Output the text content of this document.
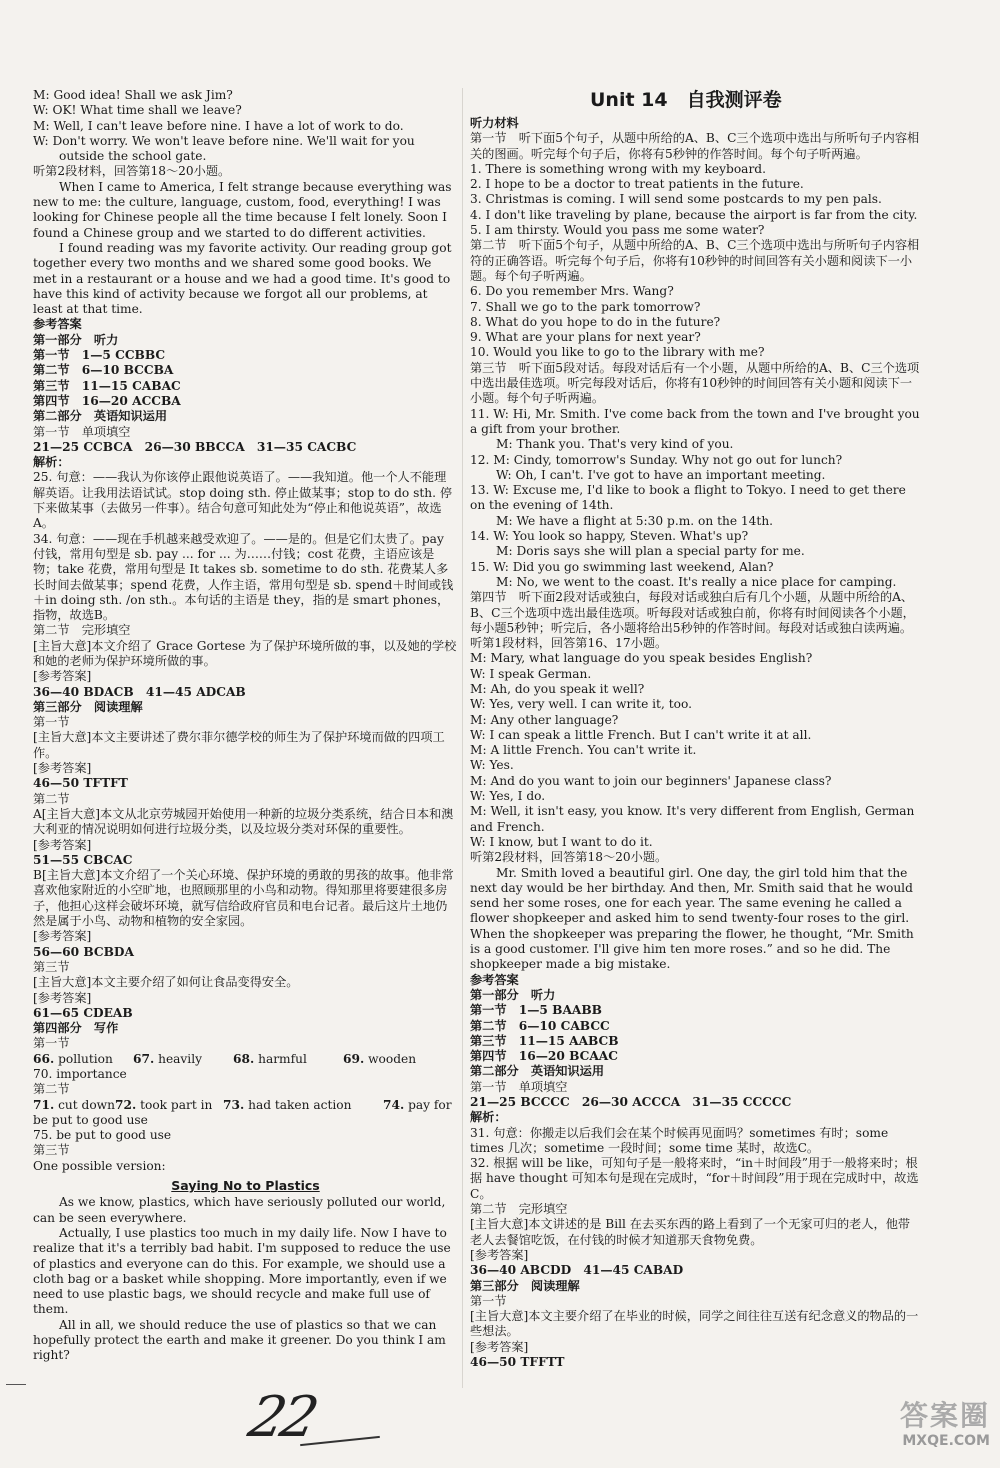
M: Good idea! Shall we ask Jim?

W: OK! What time shall we leave?

M: Well, I can't leave before nine. I have a lot of work to do.

W: Don't worry. We won't leave before nine. We'll wait for you

outside the school gate.

听第2段材料，回答第18～20小题。

When I came to America, I felt strange because everything was new to me: the culture, language, custom, food, everything! I was looking for Chinese people all the time because I felt lonely. Soon I found a Chinese group and we started to do different activities.

I found reading was my favorite activity. Our reading group got together every two months and we shared some good books. We met in a restaurant or a house and we had a good time. It's good to have this kind of activity because we forgot all our problems, at least at that time.

参考答案

第一部分　听力

第一节　 1—5 CCBBC

第二节　 6—10 BCCBA

第三节　 11—15 CABAC

第四节　 16—20 ACCBA

第二部分　英语知识运用

第一节　单项填空

21—25 CCBCA　26—30 BBCCA　31—35 CACBC

解析：

25. 句意：——我认为你该停止跟他说英语了。——我知道。他一个人不能理解英语。让我用法语试试。stop doing sth. 停止做某事；stop to do sth. 停下来做某事（去做另一件事）。结合句意可知此处为“停止和他说英语”，故选A。

34. 句意：——现在手机越来越受欢迎了。——是的。但是它们太贵了。pay 付钱，常用句型是 sb. pay ... for ... 为……付钱；cost 花费，主语应该是物；take 花费，常用句型是 It takes sb. sometime to do sth. 花费某人多长时间去做某事；spend 花费，人作主语，常用句型是 sb. spend＋时间或钱＋in doing sth. /on sth.。本句话的主语是 they，指的是 smart phones，指物，故选B。

第二节　完形填空

[主旨大意]本文介绍了 Grace Gortese 为了保护环境所做的事，以及她的学校和她的老师为保护环境所做的事。

[参考答案]

36—40 BDACB　41—45 ADCAB

第三部分　阅读理解

第一节

[主旨大意]本文主要讲述了费尔菲尔德学校的师生为了保护环境而做的四项工作。

[参考答案]

46—50 TFTFT

第二节

A[主旨大意]本文从北京劳城园开始使用一种新的垃圾分类系统，结合日本和澳大利亚的情况说明如何进行垃圾分类，以及垃圾分类对环保的重要性。

[参考答案]

51—55 CBCAC

B[主旨大意]本文介绍了一个关心环境、保护环境的勇敢的男孩的故事。他非常喜欢他家附近的小空旷地，也照顾那里的小鸟和动物。得知那里将要建很多房子，他担心这样会破坏环境，就写信给政府官员和电台记者。最后这片土地仍然是属于小鸟、动物和植物的安全家园。

[参考答案]

56—60 BCBDA

第三节

[主旨大意]本文主要介绍了如何让食品变得安全。

[参考答案]

61—65 CDEAB

第四部分　写作

第一节

66. pollution 67. heavily	68. harmful	69. wooden

70. importance

第二节

71. cut down72. took part in 73. had taken action	74. pay for

be put to good use

75. be put to good use

第三节

One possible version:

Saying No to Plastics

As we know, plastics, which have seriously polluted our world, can be seen everywhere.

Actually, I use plastics too much in my daily life. Now I have to realize that it's a terribly bad habit. I'm supposed to reduce the use of plastics and everyone can do this. For example, we should use a cloth bag or a basket while shopping. More importantly, even if we need to use plastic bags, we should recycle and make full use of them.

All in all, we should reduce the use of plastics so that we can hopefully protect the earth and make it greener. Do you think I am right?

Unit 14　自我测评卷

听力材料

第一节　听下面5个句子，从题中所给的A、B、C三个选项中选出与所听句子内容相关的图画。听完每个句子后，你将有5秒钟的作答时间。每个句子听两遍。

1. There is something wrong with my keyboard.

2. I hope to be a doctor to treat patients in the future.

3. Christmas is coming. I will send some postcards to my pen pals.

4. I don't like traveling by plane, because the airport is far from the city.

5. I am thirsty. Would you pass me some water?

第二节　听下面5个句子，从题中所给的A、B、C三个选项中选出与所听句子内容相符的正确答语。听完每个句子后，你将有10秒钟的时间回答有关小题和阅读下一小题。每个句子听两遍。

6. Do you remember Mrs. Wang?

7. Shall we go to the park tomorrow?

8. What do you hope to do in the future?

9. What are your plans for next year?

10. Would you like to go to the library with me?

第三节　听下面5段对话。每段对话后有一个小题，从题中所给的A、B、C三个选项中选出最佳选项。听完每段对话后，你将有10秒钟的时间回答有关小题和阅读下一小题。每个句子听两遍。

11. W: Hi, Mr. Smith. I've come back from the town and I've brought you a gift from your brother.

M: Thank you. That's very kind of you.

12. M: Cindy, tomorrow's Sunday. Why not go out for lunch?

W: Oh, I can't. I've got to have an important meeting.

13. W: Excuse me, I'd like to book a flight to Tokyo. I need to get there on the evening of 14th.

M: We have a flight at 5:30 p.m. on the 14th.

14. W: You look so happy, Steven. What's up?

M: Doris says she will plan a special party for me.

15. W: Did you go swimming last weekend, Alan?

M: No, we went to the coast. It's really a nice place for camping.

第四节　听下面2段对话或独白，每段对话或独白后有几个小题，从题中所给的A、B、C三个选项中选出最佳选项。听每段对话或独白前，你将有时间阅读各个小题，每小题5秒钟；听完后，各小题将给出5秒钟的作答时间。每段对话或独白读两遍。

听第1段材料，回答第16、17小题。

M: Mary, what language do you speak besides English?

W: I speak German.

M: Ah, do you speak it well?

W: Yes, very well. I can write it, too.

M: Any other language?

W: I can speak a little French. But I can't write it at all.

M: A little French. You can't write it.

W: Yes.

M: And do you want to join our beginners' Japanese class?

W: Yes, I do.

M: Well, it isn't easy, you know. It's very different from English, German and French.

W: I know, but I want to do it.

听第2段材料，回答第18～20小题。

Mr. Smith loved a beautiful girl. One day, the girl told him that the next day would be her birthday. And then, Mr. Smith said that he would send her some roses, one for each year. The same evening he called a flower shopkeeper and asked him to send twenty-four roses to the girl. When the shopkeeper was preparing the flower, he thought, “Mr. Smith is a good customer. I'll give him ten more roses.” and so he did. The shopkeeper made a big mistake.

参考答案

第一部分　听力

第一节　 1—5 BAABB

第二节　 6—10 CABCC

第三节　 11—15 AABCB

第四节　 16—20 BCAAC

第二部分　英语知识运用

第一节　单项填空

21—25 BCCCC　26—30 ACCCA　31—35 CCCCC

解析：

31. 句意：你搬走以后我们会在某个时候再见面吗？sometimes 有时；some times 几次；sometime 一段时间；some time 某时，故选C。

32. 根据 will be like，可知句子是一般将来时，“in＋时间段”用于一般将来时；根据 have thought 可知本句是现在完成时，“for＋时间段”用于现在完成时中，故选C。

第二节　完形填空

[主旨大意]本文讲述的是 Bill 在去买东西的路上看到了一个无家可归的老人，他带老人去餐馆吃饭，在付钱的时候才知道那天食物免费。

[参考答案]

36—40 ABCDD　41—45 CABAD

第三部分　阅读理解

第一节

[主旨大意]本文主要介绍了在毕业的时候，同学之间往往互送有纪念意义的物品的一些想法。

[参考答案]

46—50 TFFTT

22	答案圈
MXQE.COM
